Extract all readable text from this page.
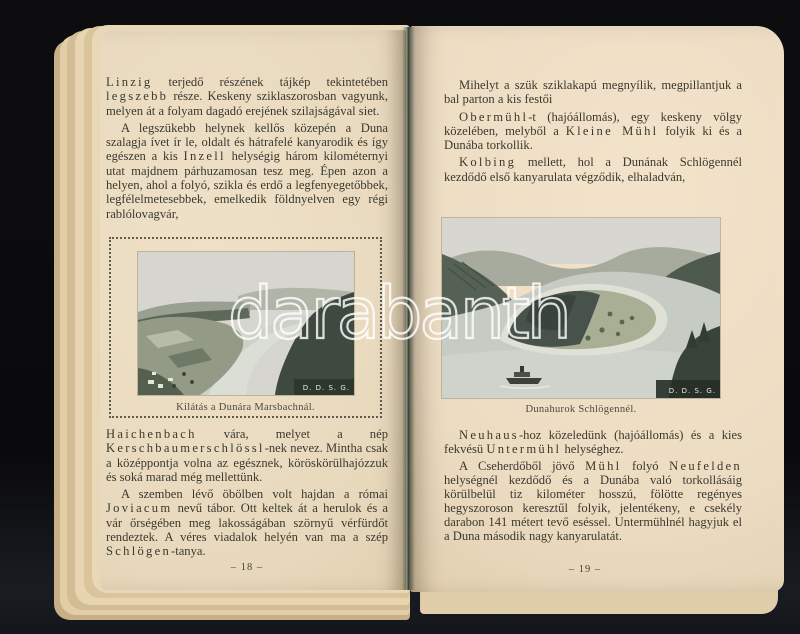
Linzig terjedő részének tájkép tekintetében legszebb része. Keskeny sziklaszorosban vagyunk, melyen át a folyam dagadó erejének szilajságával siet.

A legszükebb helynek kellős közepén a Duna szalagja ívet ír le, oldalt és hátrafelé kanyarodik és így egészen a kis Inzell helységig három kilométernyi utat majdnem párhuzamosan tesz meg. Épen azon a helyen, ahol a folyó, szikla és erdő a legfenyegetőbbek, legfélelmetesebbek, emelkedik földnyelven egy régi rablólovagvár,

D. D. S. G.
Kilátás a Dunára Marsbachnál.

Haichenbach vára, melyet a nép Kerschbaumerschlössl-nek nevez. Mintha csak a középpontja volna az egésznek, köröskörülhajózzuk és soká marad még mellettünk.

A szemben lévő öbölben volt hajdan a római Joviacum nevű tábor. Ott keltek át a herulok és a vár őrségében meg lakosságában szörnyű vérfürdőt rendeztek. A véres viadalok helyén van ma a szép Schlögen-tanya.

– 18 –

Mihelyt a szük sziklakapú megnyílik, megpillantjuk a bal parton a kis festői

Obermühl-t (hajóállomás), egy keskeny völgy közelében, melyből a Kleine Mühl folyik ki és a Dunába torkollik.

Kolbing mellett, hol a Dunának Schlögennél kezdődő első kanyarulata végződik, elhaladván,

D. D. S. G.
Dunahurok Schlögennél.

Neuhaus-hoz közeledünk (hajóállomás) és a kies fekvésü Untermühl helységhez.

A Cseherdőből jövő Mühl folyó Neufelden helységnél kezdődő és a Dunába való torkollásáig körülbelül tiz kilométer hosszú, fölötte regényes hegyszoroson keresztűl folyik, jelentékeny, e csekély darabon 141 métert tevő eséssel. Untermühlnél hagyjuk el a Duna második nagy kanyarulatát.

– 19 –
